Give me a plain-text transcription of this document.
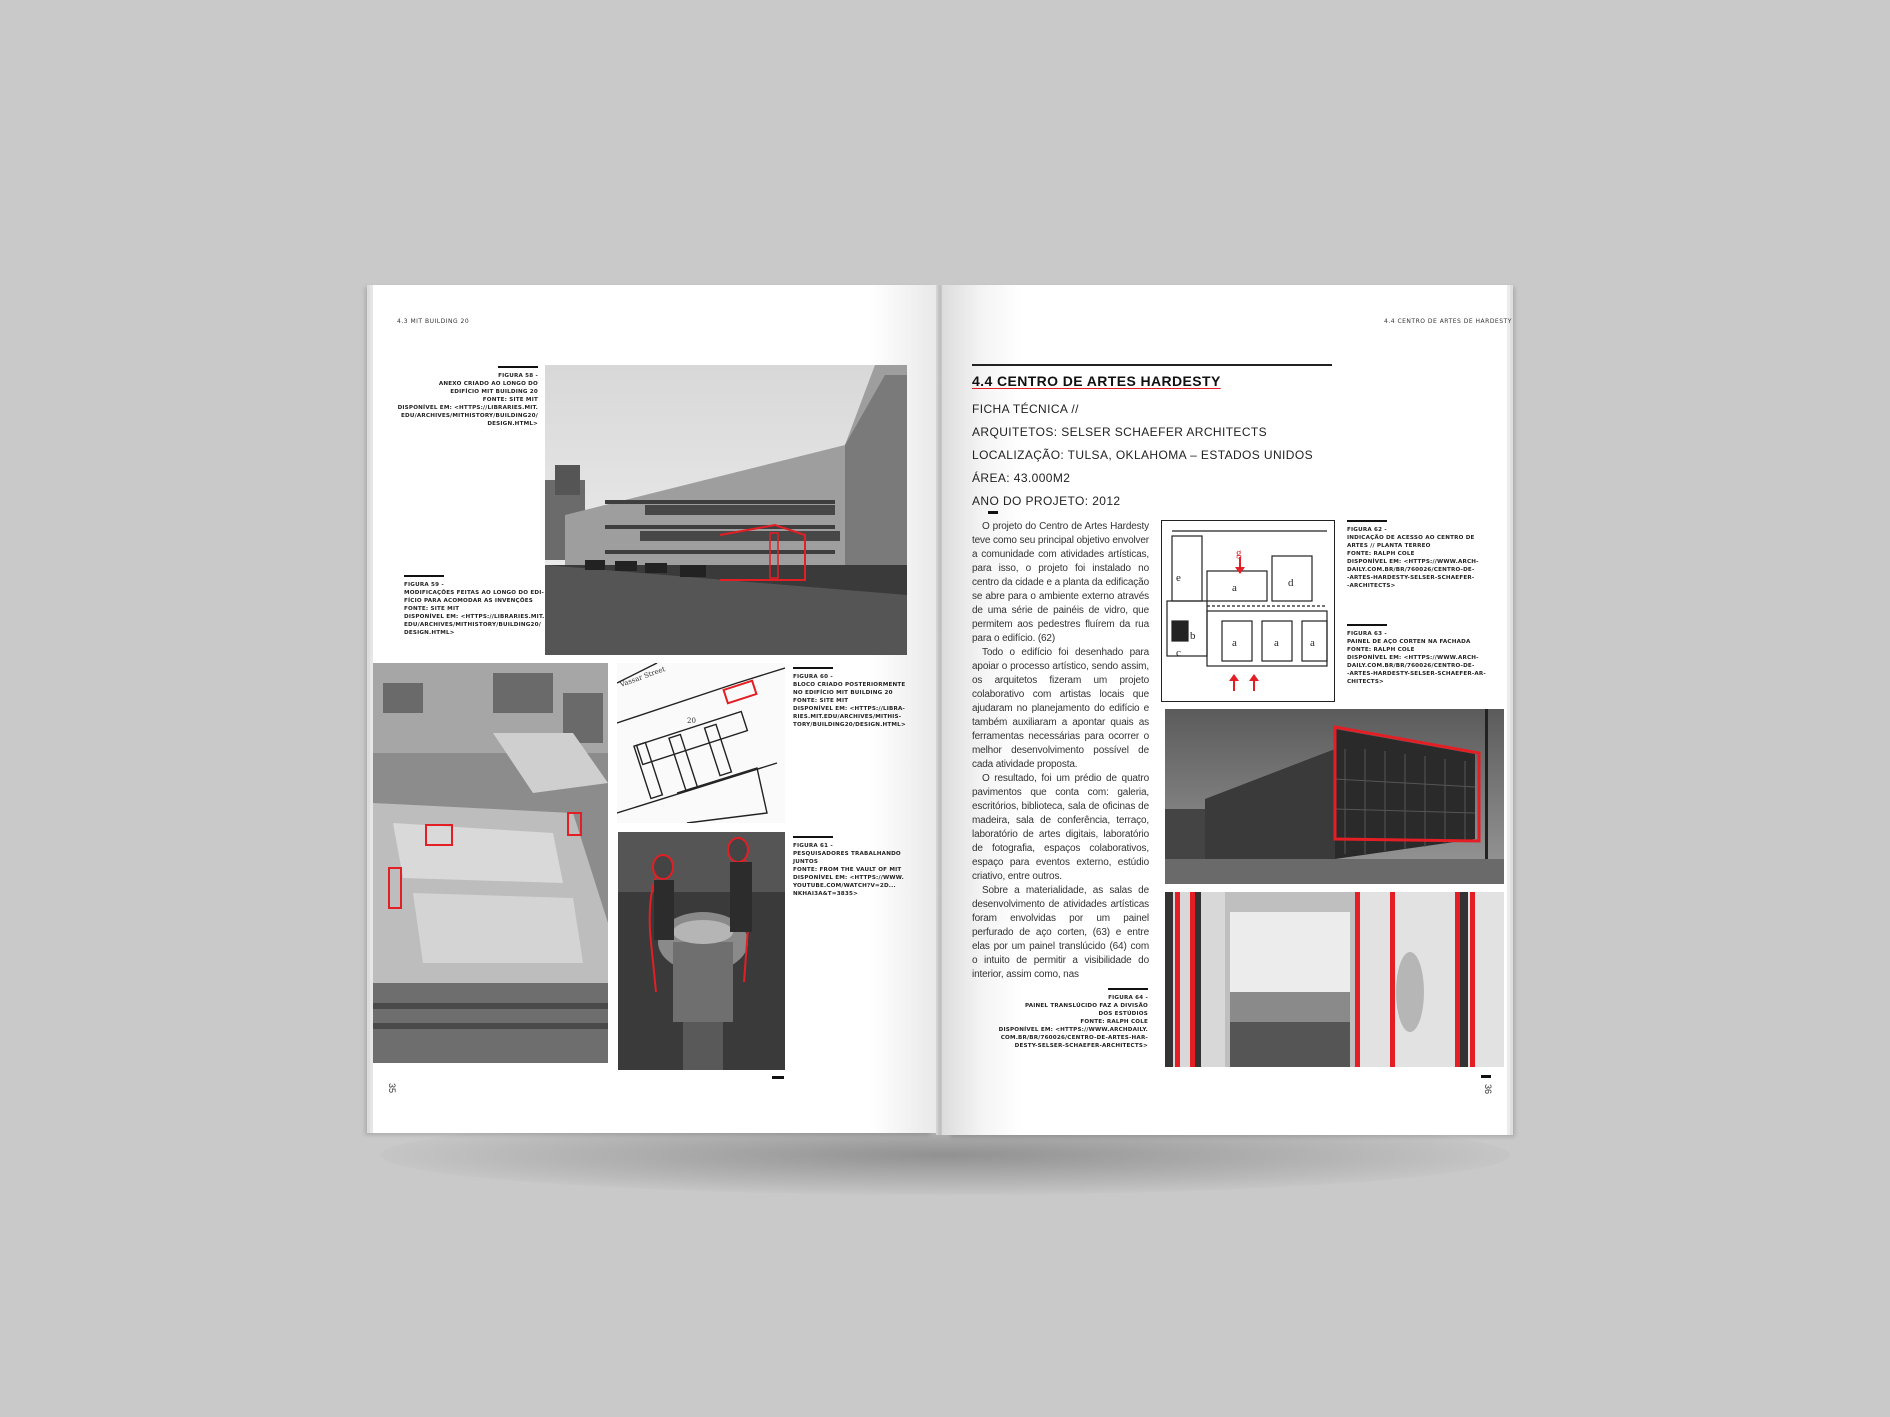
4.3 MIT BUILDING 20	4.4 CENTRO DE ARTES DE HARDESTY
FIGURA 58 -
ANEXO CRIADO AO LONGO DO
EDIFÍCIO MIT BUILDING 20
FONTE: SITE MIT
DISPONÍVEL EM: <HTTPS://LIBRARIES.MIT.
EDU/ARCHIVES/MITHISTORY/BUILDING20/
DESIGN.HTML>
FIGURA 59 -
MODIFICAÇÕES FEITAS AO LONGO DO EDI-
FÍCIO PARA ACOMODAR AS INVENÇÕES
FONTE: SITE MIT
DISPONÍVEL EM: <HTTPS://LIBRARIES.MIT.
EDU/ARCHIVES/MITHISTORY/BUILDING20/
DESIGN.HTML>
Vassar Street
20
FIGURA 60 -
BLOCO CRIADO POSTERIORMENTE
NO EDIFÍCIO MIT BUILDING 20
FONTE: SITE MIT
DISPONÍVEL EM: <HTTPS://LIBRA-
RIES.MIT.EDU/ARCHIVES/MITHIS-
TORY/BUILDING20/DESIGN.HTML>
FIGURA 61 -
PESQUISADORES TRABALHANDO
JUNTOS
FONTE: FROM THE VAULT OF MIT
DISPONÍVEL EM: <HTTPS://WWW.
YOUTUBE.COM/WATCH?V=2D...
NKHAI3A&T=3835>
35
4.4 CENTRO DE ARTES HARDESTY
FICHA TÉCNICA //
ARQUITETOS: SELSER SCHAEFER ARCHITECTS
LOCALIZAÇÃO: TULSA, OKLAHOMA – ESTADOS UNIDOS
ÁREA: 43.000M2
ANO DO PROJETO: 2012

O projeto do Centro de Artes Hardesty teve como seu principal objetivo envolver a comunidade com atividades artísticas, para isso, o projeto foi instalado no centro da cidade e a planta da edificação se abre para o ambiente externo através de uma série de painéis de vidro, que permitem aos pedestres fluírem da rua para o edifício. (62)

Todo o edifício foi desenhado para apoiar o processo artístico, sendo assim, os arquitetos fizeram um projeto colaborativo com artistas locais que ajudaram no planejamento do edifício e também auxiliaram a apontar quais as ferramentas necessárias para ocorrer o melhor desenvolvimento possível de cada atividade proposta.

O resultado, foi um prédio de quatro pavimentos que conta com: galeria, escritórios, biblioteca, sala de oficinas de madeira, sala de conferência, terraço, laboratório de artes digitais, laboratório de fotografia, espaços colaborativos, espaço para eventos externo, estúdio criativo, entre outros.

Sobre a materialidade, as salas de desenvolvimento de atividades artísticas foram envolvidas por um painel perfurado de aço corten, (63) e entre elas por um painel translúcido (64) com o intuito de permitir a visibilidade do interior, assim como, nas

a
a	a	a
b
c
d
e
g
FIGURA 62 -
INDICAÇÃO DE ACESSO AO CENTRO DE
ARTES // PLANTA TERREO
FONTE: RALPH COLE
DISPONÍVEL EM: <HTTPS://WWW.ARCH-
DAILY.COM.BR/BR/760026/CENTRO-DE-
-ARTES-HARDESTY-SELSER-SCHAEFER-
-ARCHITECTS>
FIGURA 63 -
PAINEL DE AÇO CORTEN NA FACHADA
FONTE: RALPH COLE
DISPONÍVEL EM: <HTTPS://WWW.ARCH-
DAILY.COM.BR/BR/760026/CENTRO-DE-
-ARTES-HARDESTY-SELSER-SCHAEFER-AR-
CHITECTS>
FIGURA 64 -
PAINEL TRANSLÚCIDO FAZ A DIVISÃO
DOS ESTÚDIOS
FONTE: RALPH COLE
DISPONÍVEL EM: <HTTPS://WWW.ARCHDAILY.
COM.BR/BR/760026/CENTRO-DE-ARTES-HAR-
DESTY-SELSER-SCHAEFER-ARCHITECTS>
36
